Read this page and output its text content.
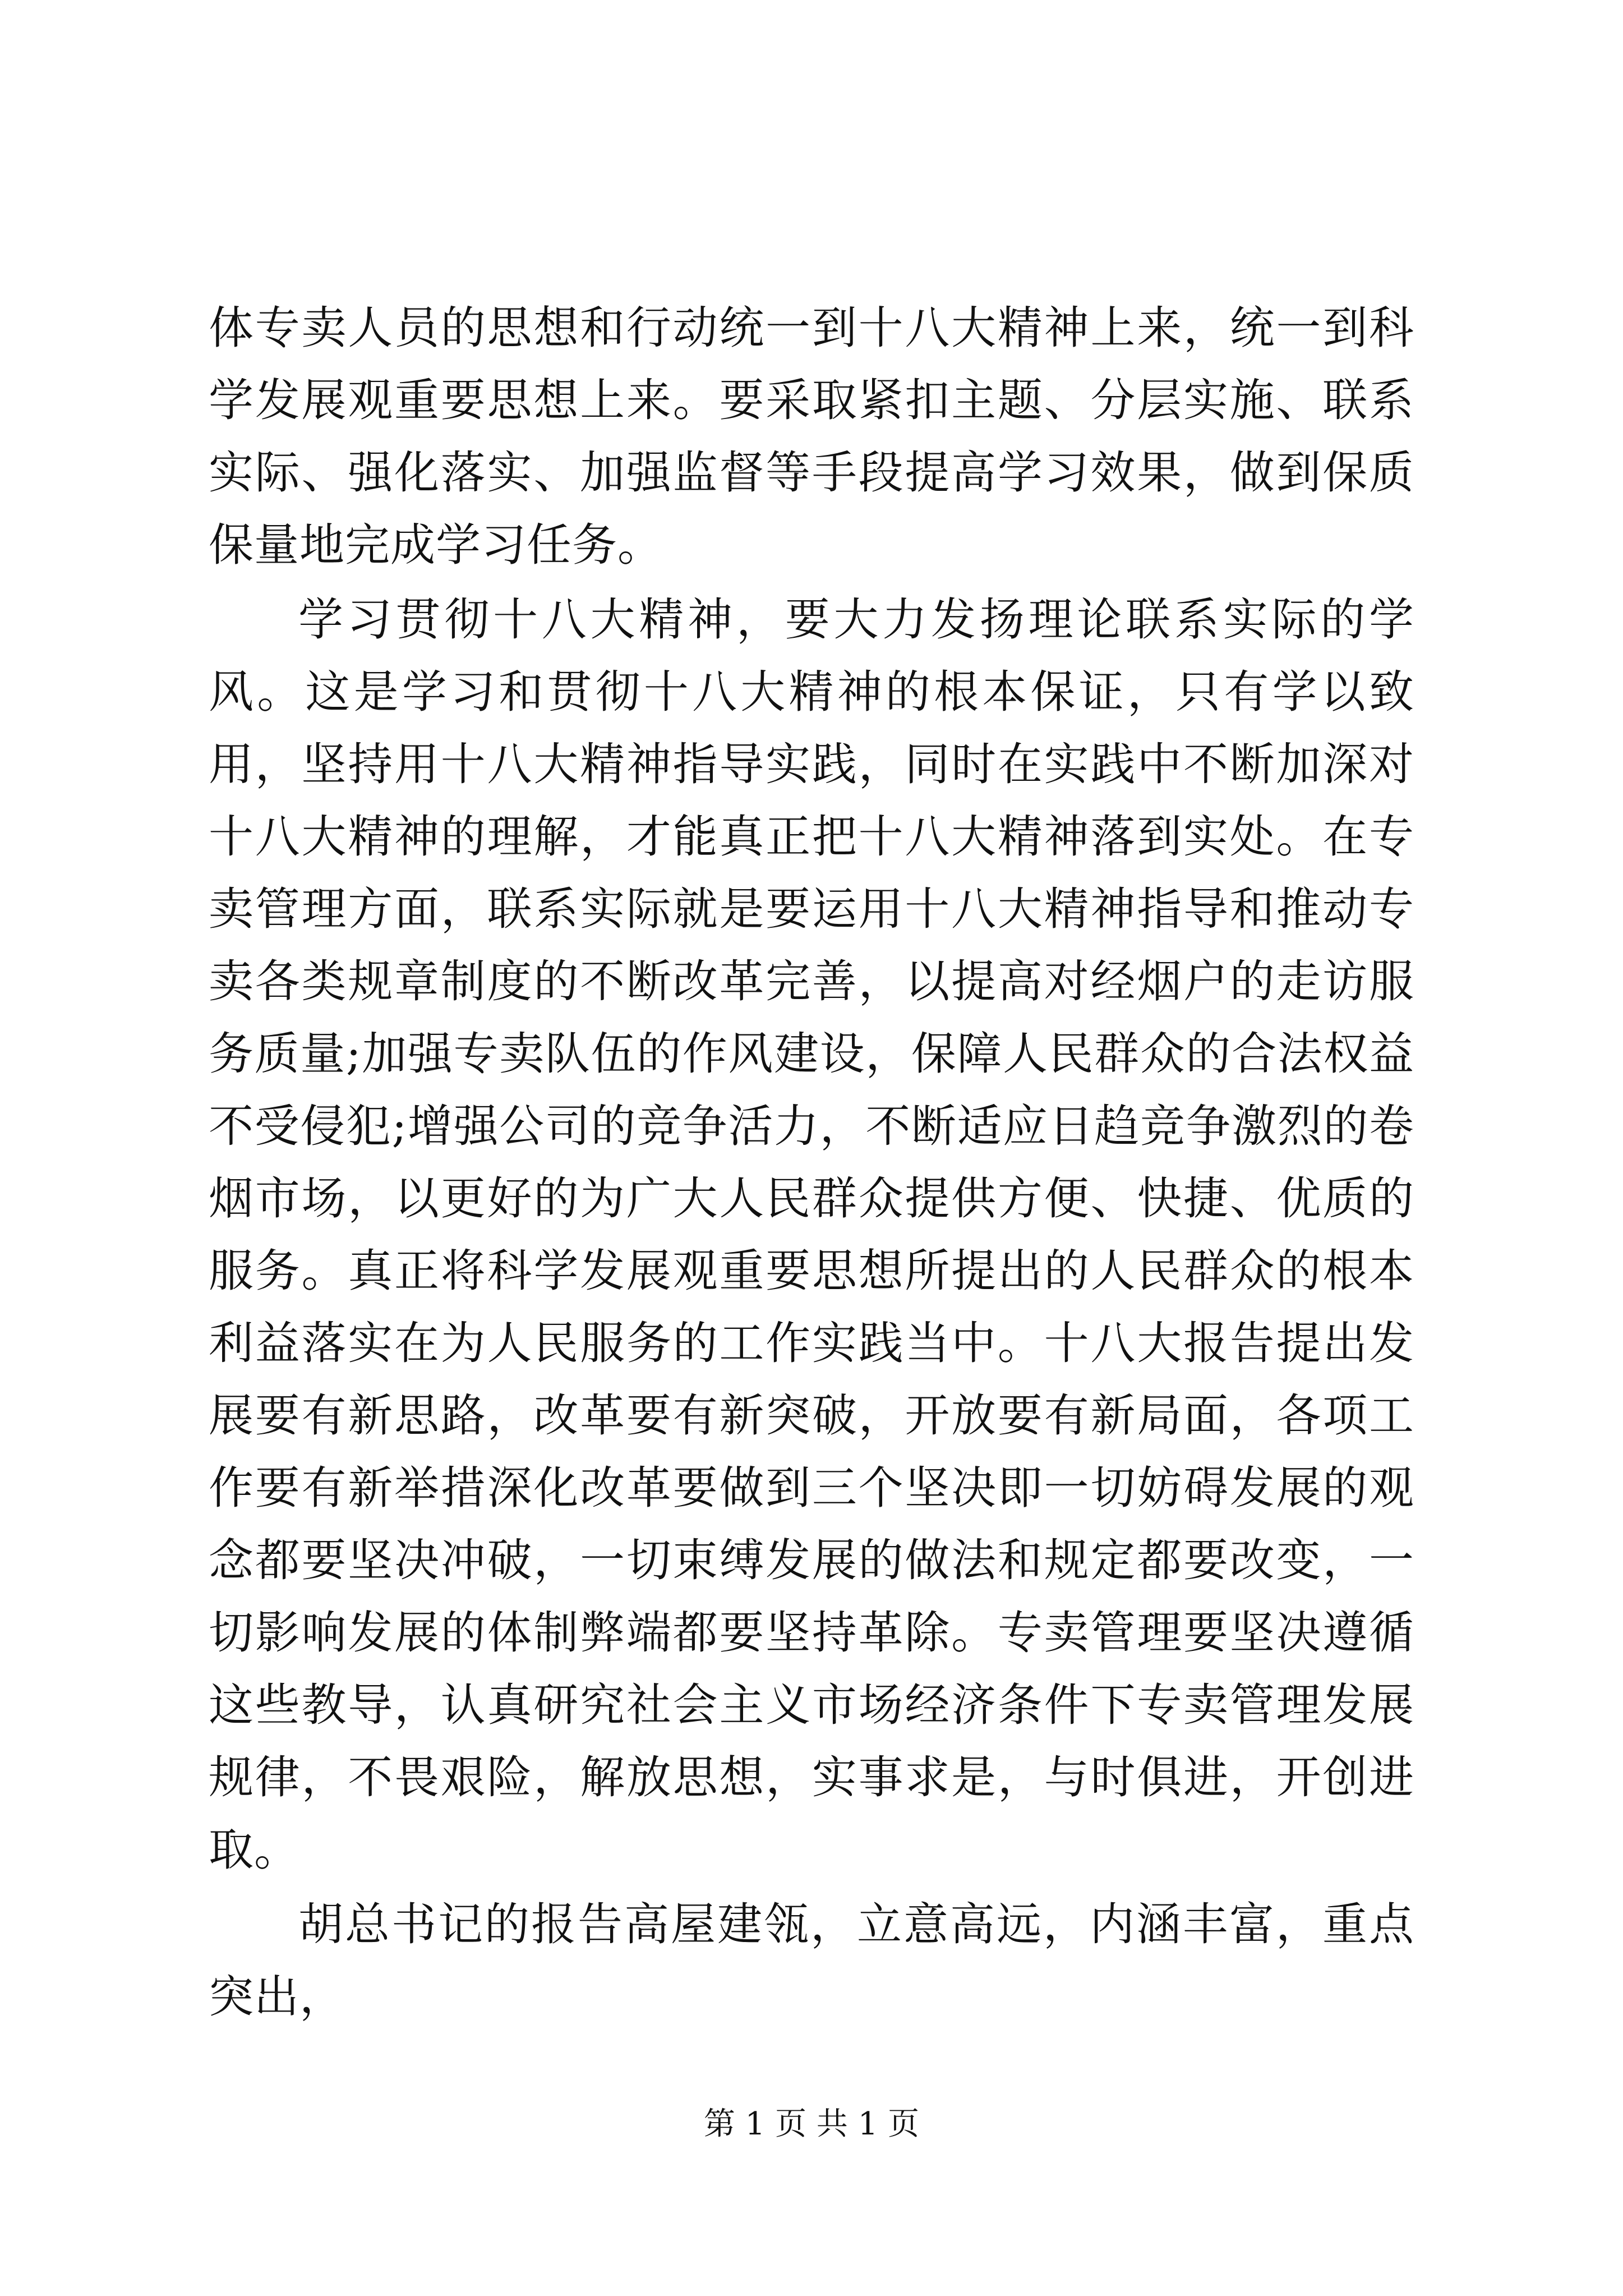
体专卖人员的思想和行动统一到十八大精神上来，统一到科学发展观重要思想上来。要采取紧扣主题、分层实施、联系实际、强化落实、加强监督等手段提高学习效果，做到保质保量地完成学习任务。

学习贯彻十八大精神，要大力发扬理论联系实际的学风。这是学习和贯彻十八大精神的根本保证，只有学以致用，坚持用十八大精神指导实践，同时在实践中不断加深对十八大精神的理解，才能真正把十八大精神落到实处。在专卖管理方面，联系实际就是要运用十八大精神指导和推动专卖各类规章制度的不断改革完善，以提高对经烟户的走访服务质量;加强专卖队伍的作风建设，保障人民群众的合法权益不受侵犯;增强公司的竞争活力，不断适应日趋竞争激烈的卷烟市场，以更好的为广大人民群众提供方便、快捷、优质的服务。真正将科学发展观重要思想所提出的人民群众的根本利益落实在为人民服务的工作实践当中。十八大报告提出发展要有新思路，改革要有新突破，开放要有新局面，各项工作要有新举措深化改革要做到三个坚决即一切妨碍发展的观念都要坚决冲破，一切束缚发展的做法和规定都要改变，一切影响发展的体制弊端都要坚持革除。专卖管理要坚决遵循这些教导，认真研究社会主义市场经济条件下专卖管理发展规律，不畏艰险，解放思想，实事求是，与时俱进，开创进取。

胡总书记的报告高屋建瓴，立意高远，内涵丰富，重点突出，

第 1 页 共 1 页
